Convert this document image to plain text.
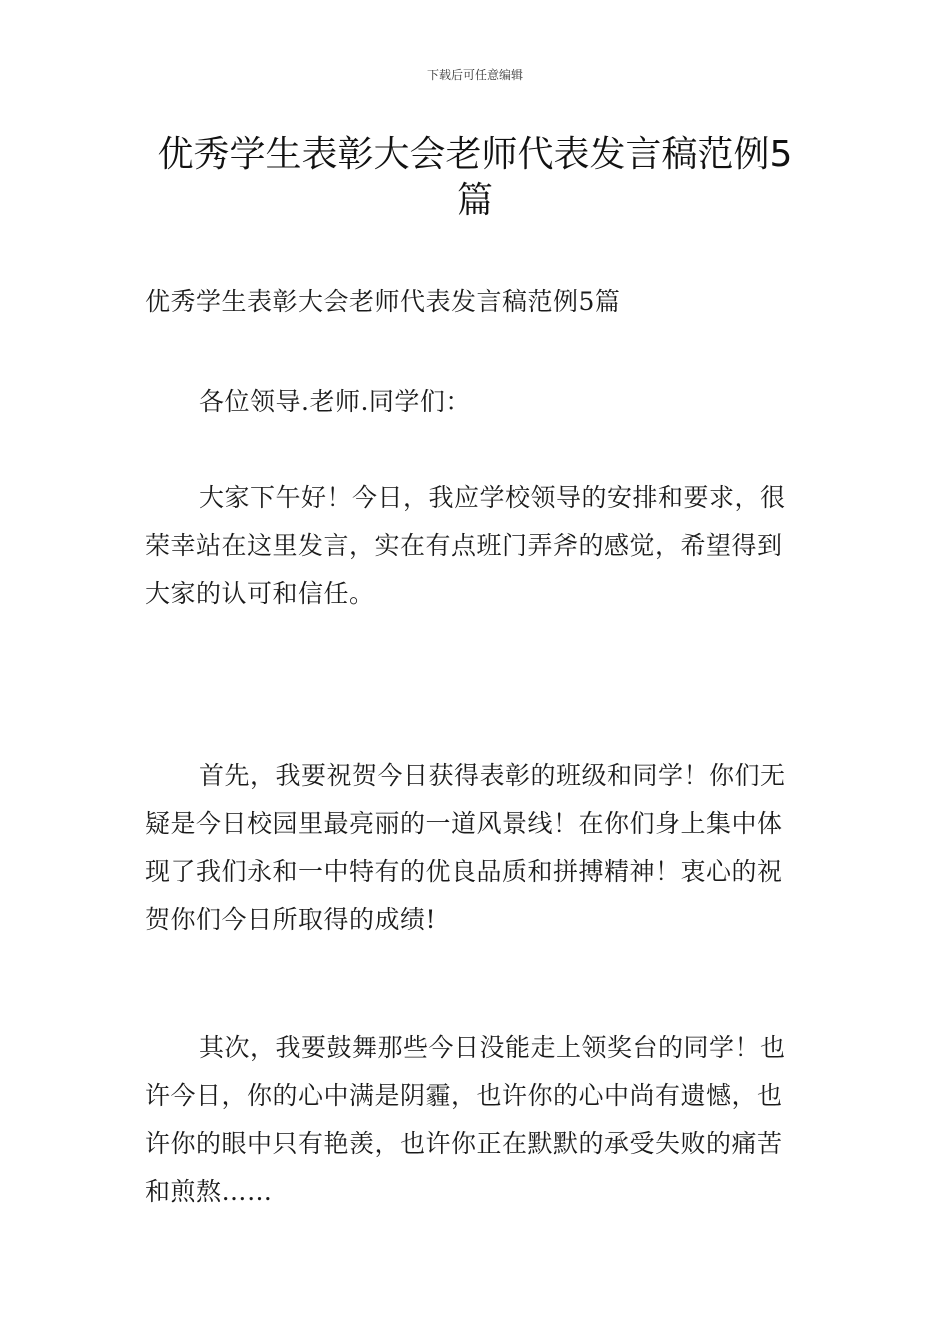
下载后可任意编辑
优秀学生表彰大会老师代表发言稿范例5篇

优秀学生表彰大会老师代表发言稿范例5篇

各位领导.老师.同学们：

大家下午好！今日，我应学校领导的安排和要求，很荣幸站在这里发言，实在有点班门弄斧的感觉，希望得到大家的认可和信任。

首先，我要祝贺今日获得表彰的班级和同学！你们无疑是今日校园里最亮丽的一道风景线！在你们身上集中体现了我们永和一中特有的优良品质和拼搏精神！衷心的祝贺你们今日所取得的成绩!

其次，我要鼓舞那些今日没能走上领奖台的同学！也许今日，你的心中满是阴霾，也许你的心中尚有遗憾，也许你的眼中只有艳羡，也许你正在默默的承受失败的痛苦和煎熬……
